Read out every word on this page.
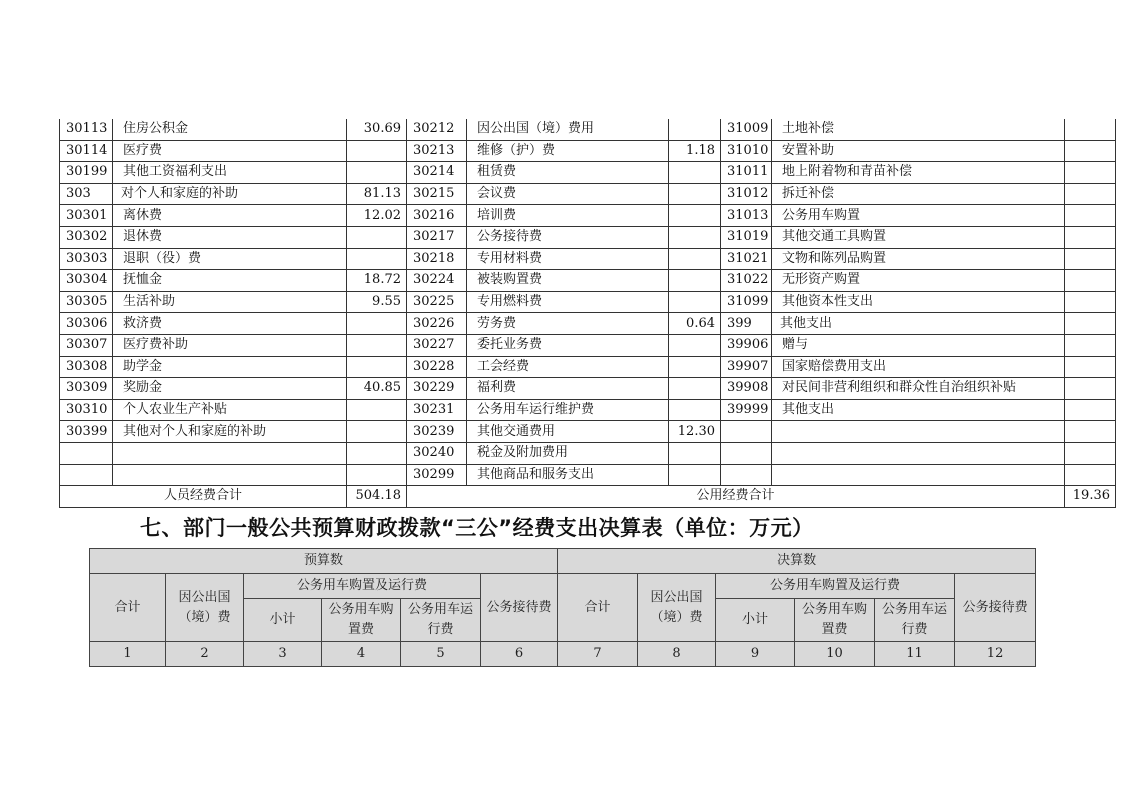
30113	住房公积金	30.69	30212	因公出国（境）费用		31009	土地补偿	
30114	医疗费		30213	维修（护）费	1.18	31010	安置补助	
30199	其他工资福利支出		30214	租赁费		31011	地上附着物和青苗补偿	
303	对个人和家庭的补助	81.13	30215	会议费		31012	拆迁补偿	
30301	离休费	12.02	30216	培训费		31013	公务用车购置	
30302	退休费		30217	公务接待费		31019	其他交通工具购置	
30303	退职（役）费		30218	专用材料费		31021	文物和陈列品购置	
30304	抚恤金	18.72	30224	被装购置费		31022	无形资产购置	
30305	生活补助	9.55	30225	专用燃料费		31099	其他资本性支出	
30306	救济费		30226	劳务费	0.64	399	其他支出	
30307	医疗费补助		30227	委托业务费		39906	赠与	
30308	助学金		30228	工会经费		39907	国家赔偿费用支出	
30309	奖励金	40.85	30229	福利费		39908	对民间非营利组织和群众性自治组织补贴	
30310	个人农业生产补贴		30231	公务用车运行维护费		39999	其他支出	
30399	其他对个人和家庭的补助		30239	其他交通费用	12.30			
			30240	税金及附加费用				
			30299	其他商品和服务支出				
人员经费合计		504.18	公用经费合计					19.36
七、部门一般公共预算财政拨款“三公”经费支出决算表（单位：万元）
预算数						决算数					
合计	因公出国（境）费	公务用车购置及运行费			公务接待费	合计	因公出国（境）费	公务用车购置及运行费			公务接待费
		小计	公务用车购置费	公务用车运行费				小计	公务用车购置费	公务用车运行费	
1	2	3	4	5	6	7	8	9	10	11	12
